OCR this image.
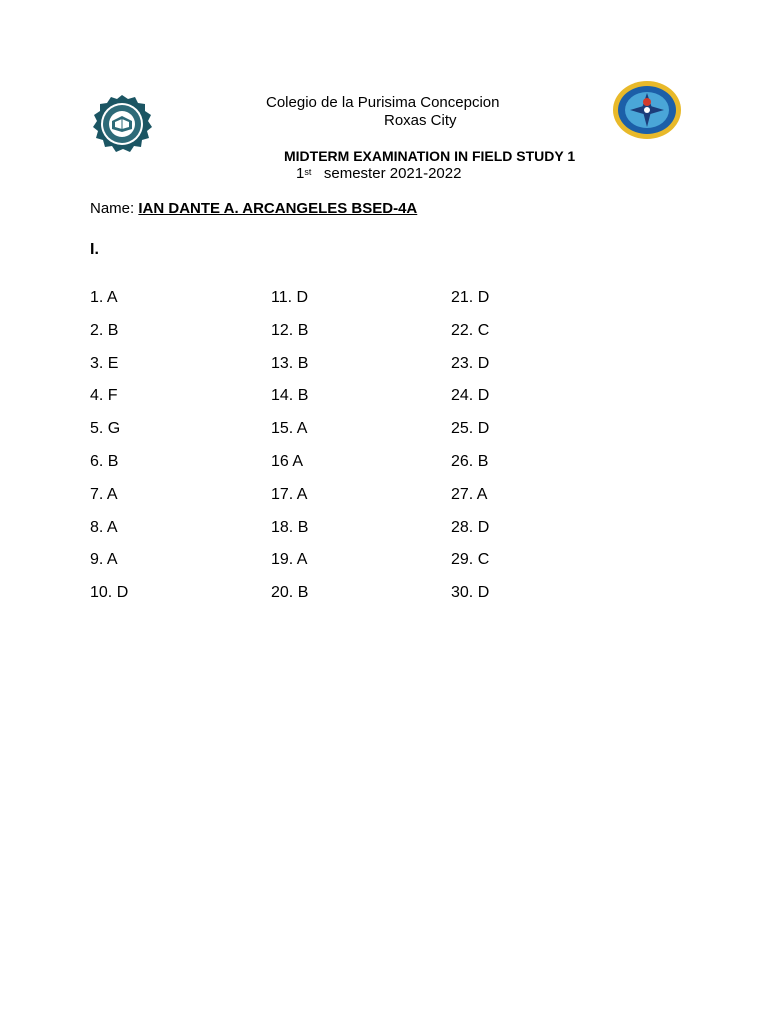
Colegio de la Purisima Concepcion
Roxas City
MIDTERM EXAMINATION IN FIELD STUDY 1
1st semester 2021-2022
Name: IAN DANTE A. ARCANGELES BSED-4A
I.
1. A
2. B
3. E
4. F
5. G
6. B
7. A
8. A
9. A
10. D
11. D
12. B
13. B
14. B
15. A
16 A
17. A
18. B
19. A
20. B
21. D
22. C
23. D
24. D
25. D
26. B
27. A
28. D
29. C
30. D
